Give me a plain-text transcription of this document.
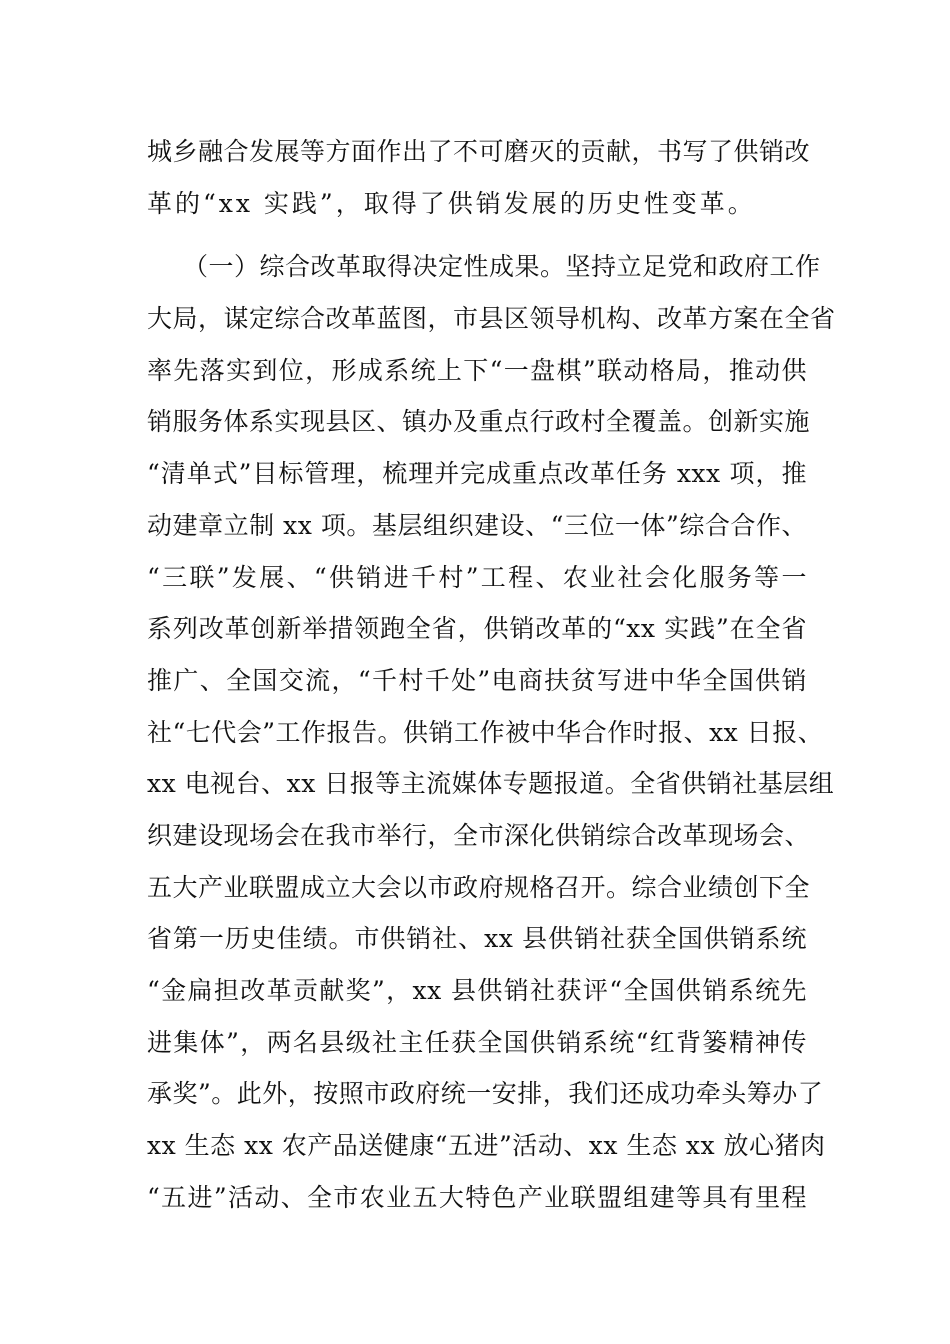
城乡融合发展等方面作出了不可磨灭的贡献，书写了供销改
革的“xx 实践”，取得了供销发展的历史性变革。
（一）综合改革取得决定性成果。坚持立足党和政府工作
大局，谋定综合改革蓝图，市县区领导机构、改革方案在全省
率先落实到位，形成系统上下“一盘棋”联动格局，推动供
销服务体系实现县区、镇办及重点行政村全覆盖。创新实施
“清单式”目标管理，梳理并完成重点改革任务 xxx 项，推
动建章立制 xx 项。基层组织建设、“三位一体”综合合作、
“三联”发展、“供销进千村”工程、农业社会化服务等一
系列改革创新举措领跑全省，供销改革的“xx 实践”在全省
推广、全国交流，“千村千处”电商扶贫写进中华全国供销
社“七代会”工作报告。供销工作被中华合作时报、xx 日报、
xx 电视台、xx 日报等主流媒体专题报道。全省供销社基层组
织建设现场会在我市举行，全市深化供销综合改革现场会、
五大产业联盟成立大会以市政府规格召开。综合业绩创下全
省第一历史佳绩。市供销社、xx 县供销社获全国供销系统
“金扁担改革贡献奖”，xx 县供销社获评“全国供销系统先
进集体”，两名县级社主任获全国供销系统“红背篓精神传
承奖”。此外，按照市政府统一安排，我们还成功牵头筹办了
xx 生态 xx 农产品送健康“五进”活动、xx 生态 xx 放心猪肉
“五进”活动、全市农业五大特色产业联盟组建等具有里程
